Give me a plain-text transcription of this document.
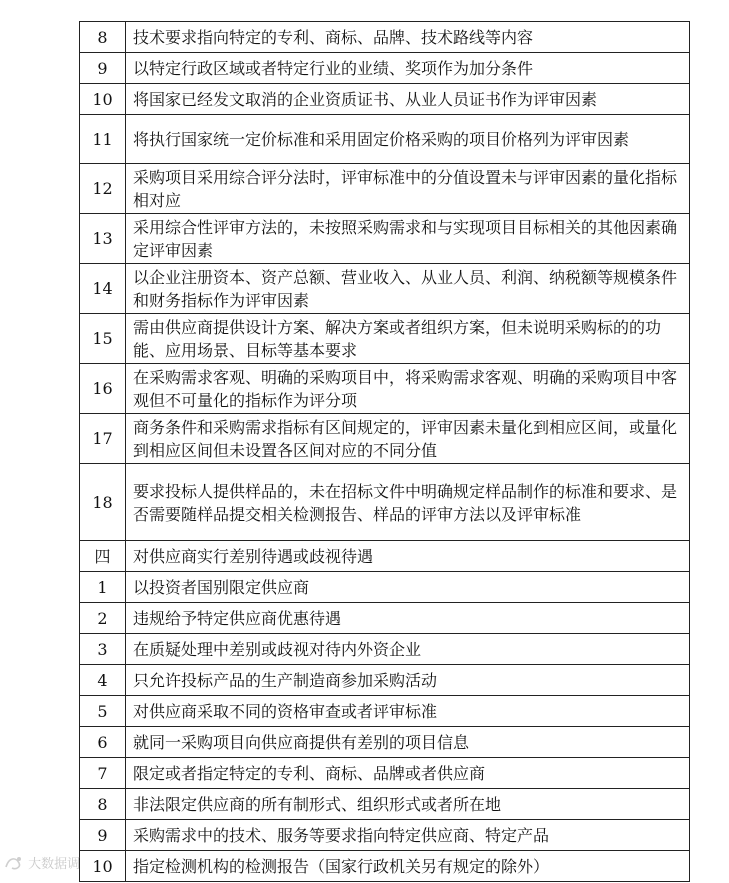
8	技术要求指向特定的专利、商标、品牌、技术路线等内容
9	以特定行政区域或者特定行业的业绩、奖项作为加分条件
10	将国家已经发文取消的企业资质证书、从业人员证书作为评审因素
11	将执行国家统一定价标准和采用固定价格采购的项目价格列为评审因素
12	采购项目采用综合评分法时，评审标准中的分值设置未与评审因素的量化指标相对应
13	采用综合性评审方法的，未按照采购需求和与实现项目目标相关的其他因素确定评审因素
14	以企业注册资本、资产总额、营业收入、从业人员、利润、纳税额等规模条件和财务指标作为评审因素
15	需由供应商提供设计方案、解决方案或者组织方案，但未说明采购标的的功能、应用场景、目标等基本要求
16	在采购需求客观、明确的采购项目中，将采购需求客观、明确的采购项目中客观但不可量化的指标作为评分项
17	商务条件和采购需求指标有区间规定的，评审因素未量化到相应区间，或量化到相应区间但未设置各区间对应的不同分值
18	要求投标人提供样品的，未在招标文件中明确规定样品制作的标准和要求、是否需要随样品提交相关检测报告、样品的评审方法以及评审标准
四	对供应商实行差别待遇或歧视待遇
1	以投资者国别限定供应商
2	违规给予特定供应商优惠待遇
3	在质疑处理中差别或歧视对待内外资企业
4	只允许投标产品的生产制造商参加采购活动
5	对供应商采取不同的资格审查或者评审标准
6	就同一采购项目向供应商提供有差别的项目信息
7	限定或者指定特定的专利、商标、品牌或者供应商
8	非法限定供应商的所有制形式、组织形式或者所在地
9	采购需求中的技术、服务等要求指向特定供应商、特定产品
10	指定检测机构的检测报告（国家行政机关另有规定的除外）
大数据调
